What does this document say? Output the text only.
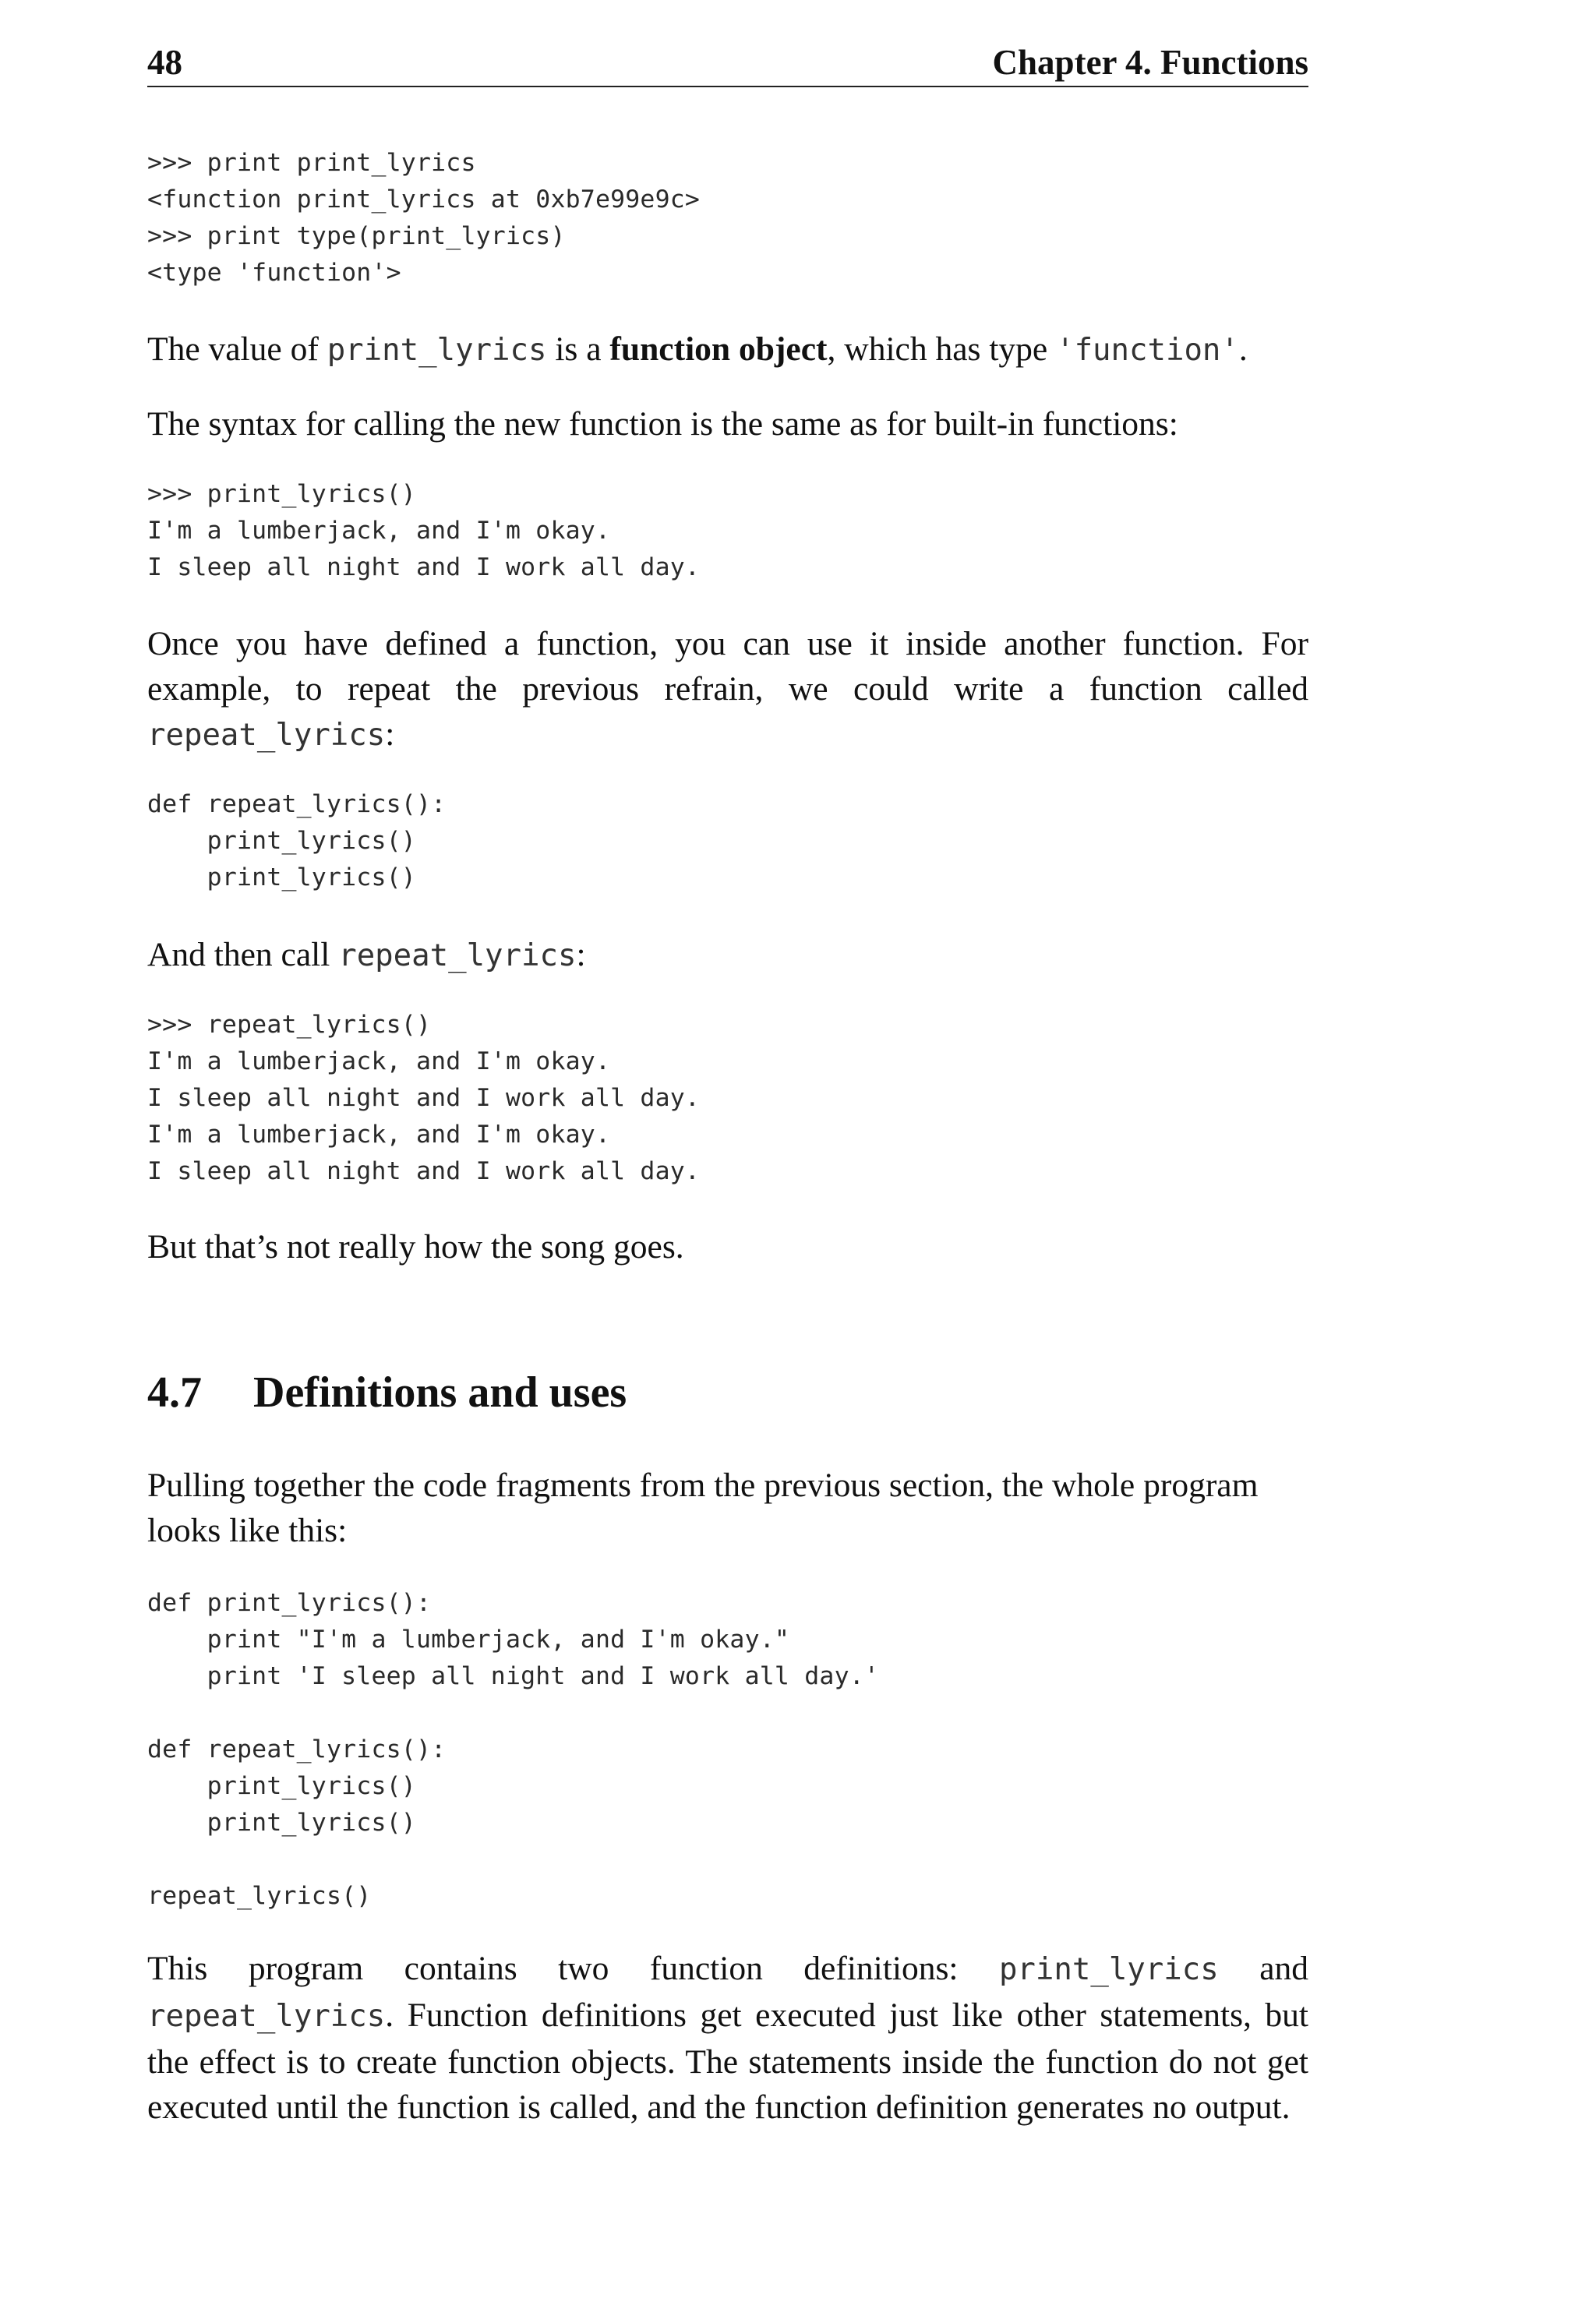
48	Chapter 4. Functions
>>> print print_lyrics
<function print_lyrics at 0xb7e99e9c>
>>> print type(print_lyrics)
<type 'function'>

The value of print_lyrics is a function object, which has type 'function'.

The syntax for calling the new function is the same as for built-in functions:

>>> print_lyrics()
I'm a lumberjack, and I'm okay.
I sleep all night and I work all day.

Once you have defined a function, you can use it inside another function. For example, to repeat the previous refrain, we could write a function called repeat_lyrics:

def repeat_lyrics():
print_lyrics()
print_lyrics()

And then call repeat_lyrics:

>>> repeat_lyrics()
I'm a lumberjack, and I'm okay.
I sleep all night and I work all day.
I'm a lumberjack, and I'm okay.
I sleep all night and I work all day.

But that’s not really how the song goes.

4.7 Definitions and uses

Pulling together the code fragments from the previous section, the whole program looks like this:

def print_lyrics():
print "I'm a lumberjack, and I'm okay."
print 'I sleep all night and I work all day.'

def repeat_lyrics():
print_lyrics()
print_lyrics()

repeat_lyrics()

This program contains two function definitions: print_lyrics and repeat_lyrics. Function definitions get executed just like other statements, but the effect is to create function objects. The statements inside the function do not get executed until the function is called, and the function definition generates no output.
